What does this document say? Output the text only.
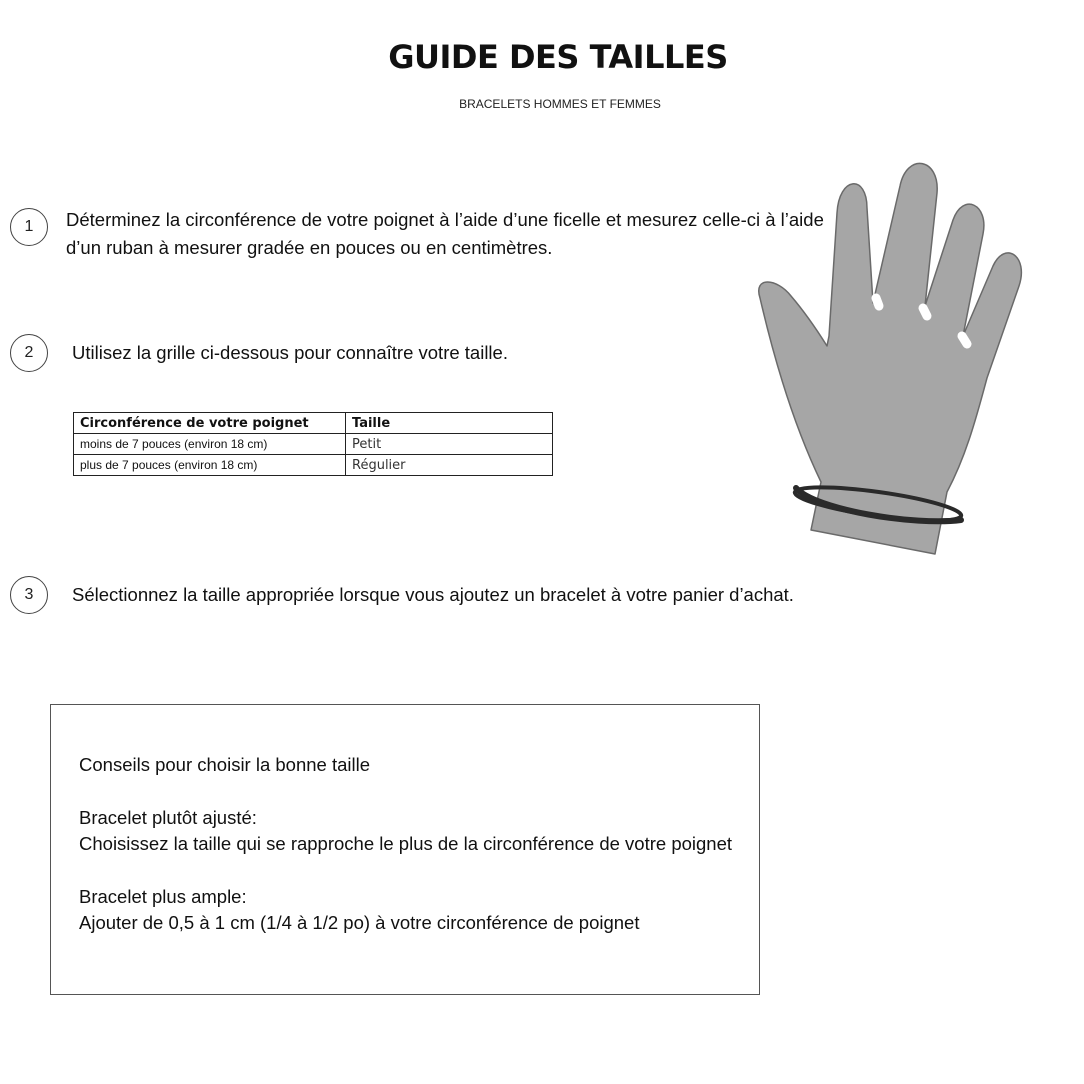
GUIDE DES TAILLES
BRACELETS HOMMES ET FEMMES
1	Déterminez la circonférence de votre poignet à l’aide d’une ficelle et mesurez celle-ci à l’aide
d’un ruban à mesurer gradée en pouces ou en centimètres.
2	Utilisez la grille ci-dessous pour connaître votre taille.
Circonférence de votre poignet	Taille
moins de 7 pouces (environ 18 cm)	Petit
plus de 7 pouces (environ 18 cm)	Régulier
3	Sélectionnez la taille appropriée lorsque vous ajoutez un bracelet à votre panier d’achat.

Conseils pour choisir la bonne taille

Bracelet plutôt ajusté:

Choisissez la taille qui se rapproche le plus de la circonférence de votre poignet

Bracelet plus ample:

Ajouter de 0,5 à 1 cm (1/4 à 1/2 po) à votre circonférence de poignet
